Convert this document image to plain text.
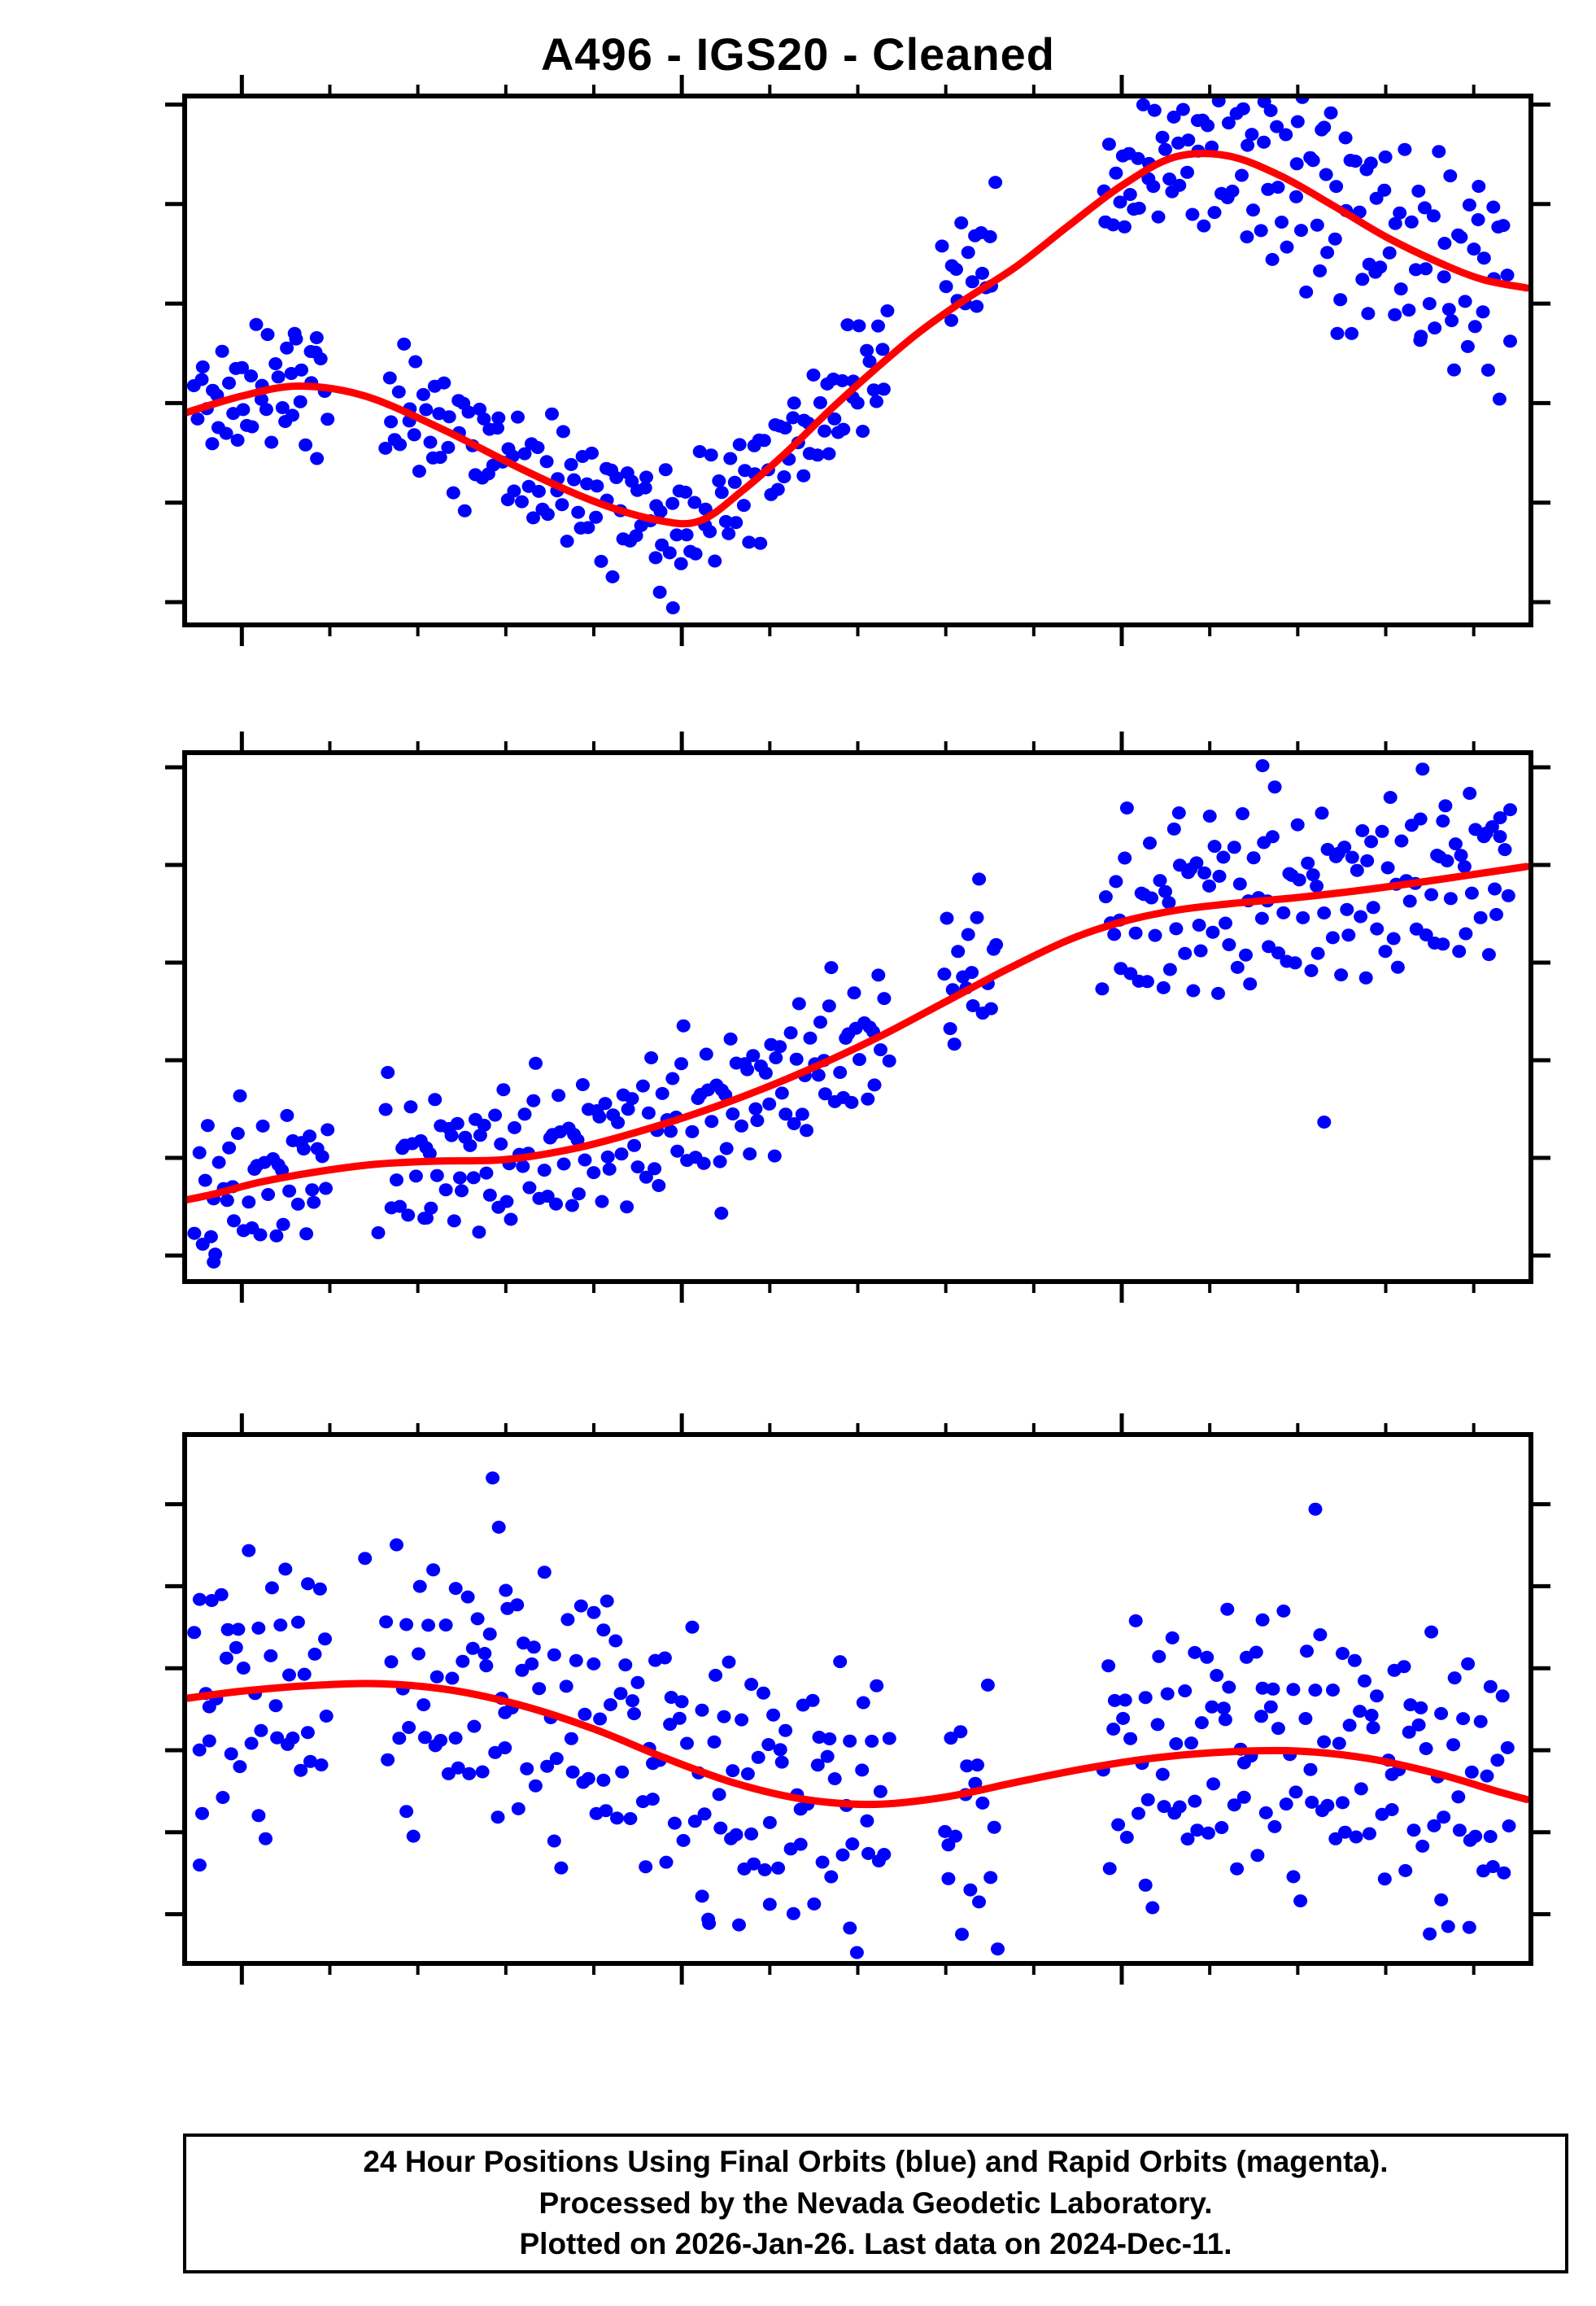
A496 - IGS20 - Cleaned
24 Hour Positions Using Final Orbits (blue) and Rapid Orbits (magenta).
Processed by the Nevada Geodetic Laboratory.
Plotted on 2026-Jan-26. Last data on 2024-Dec-11.
